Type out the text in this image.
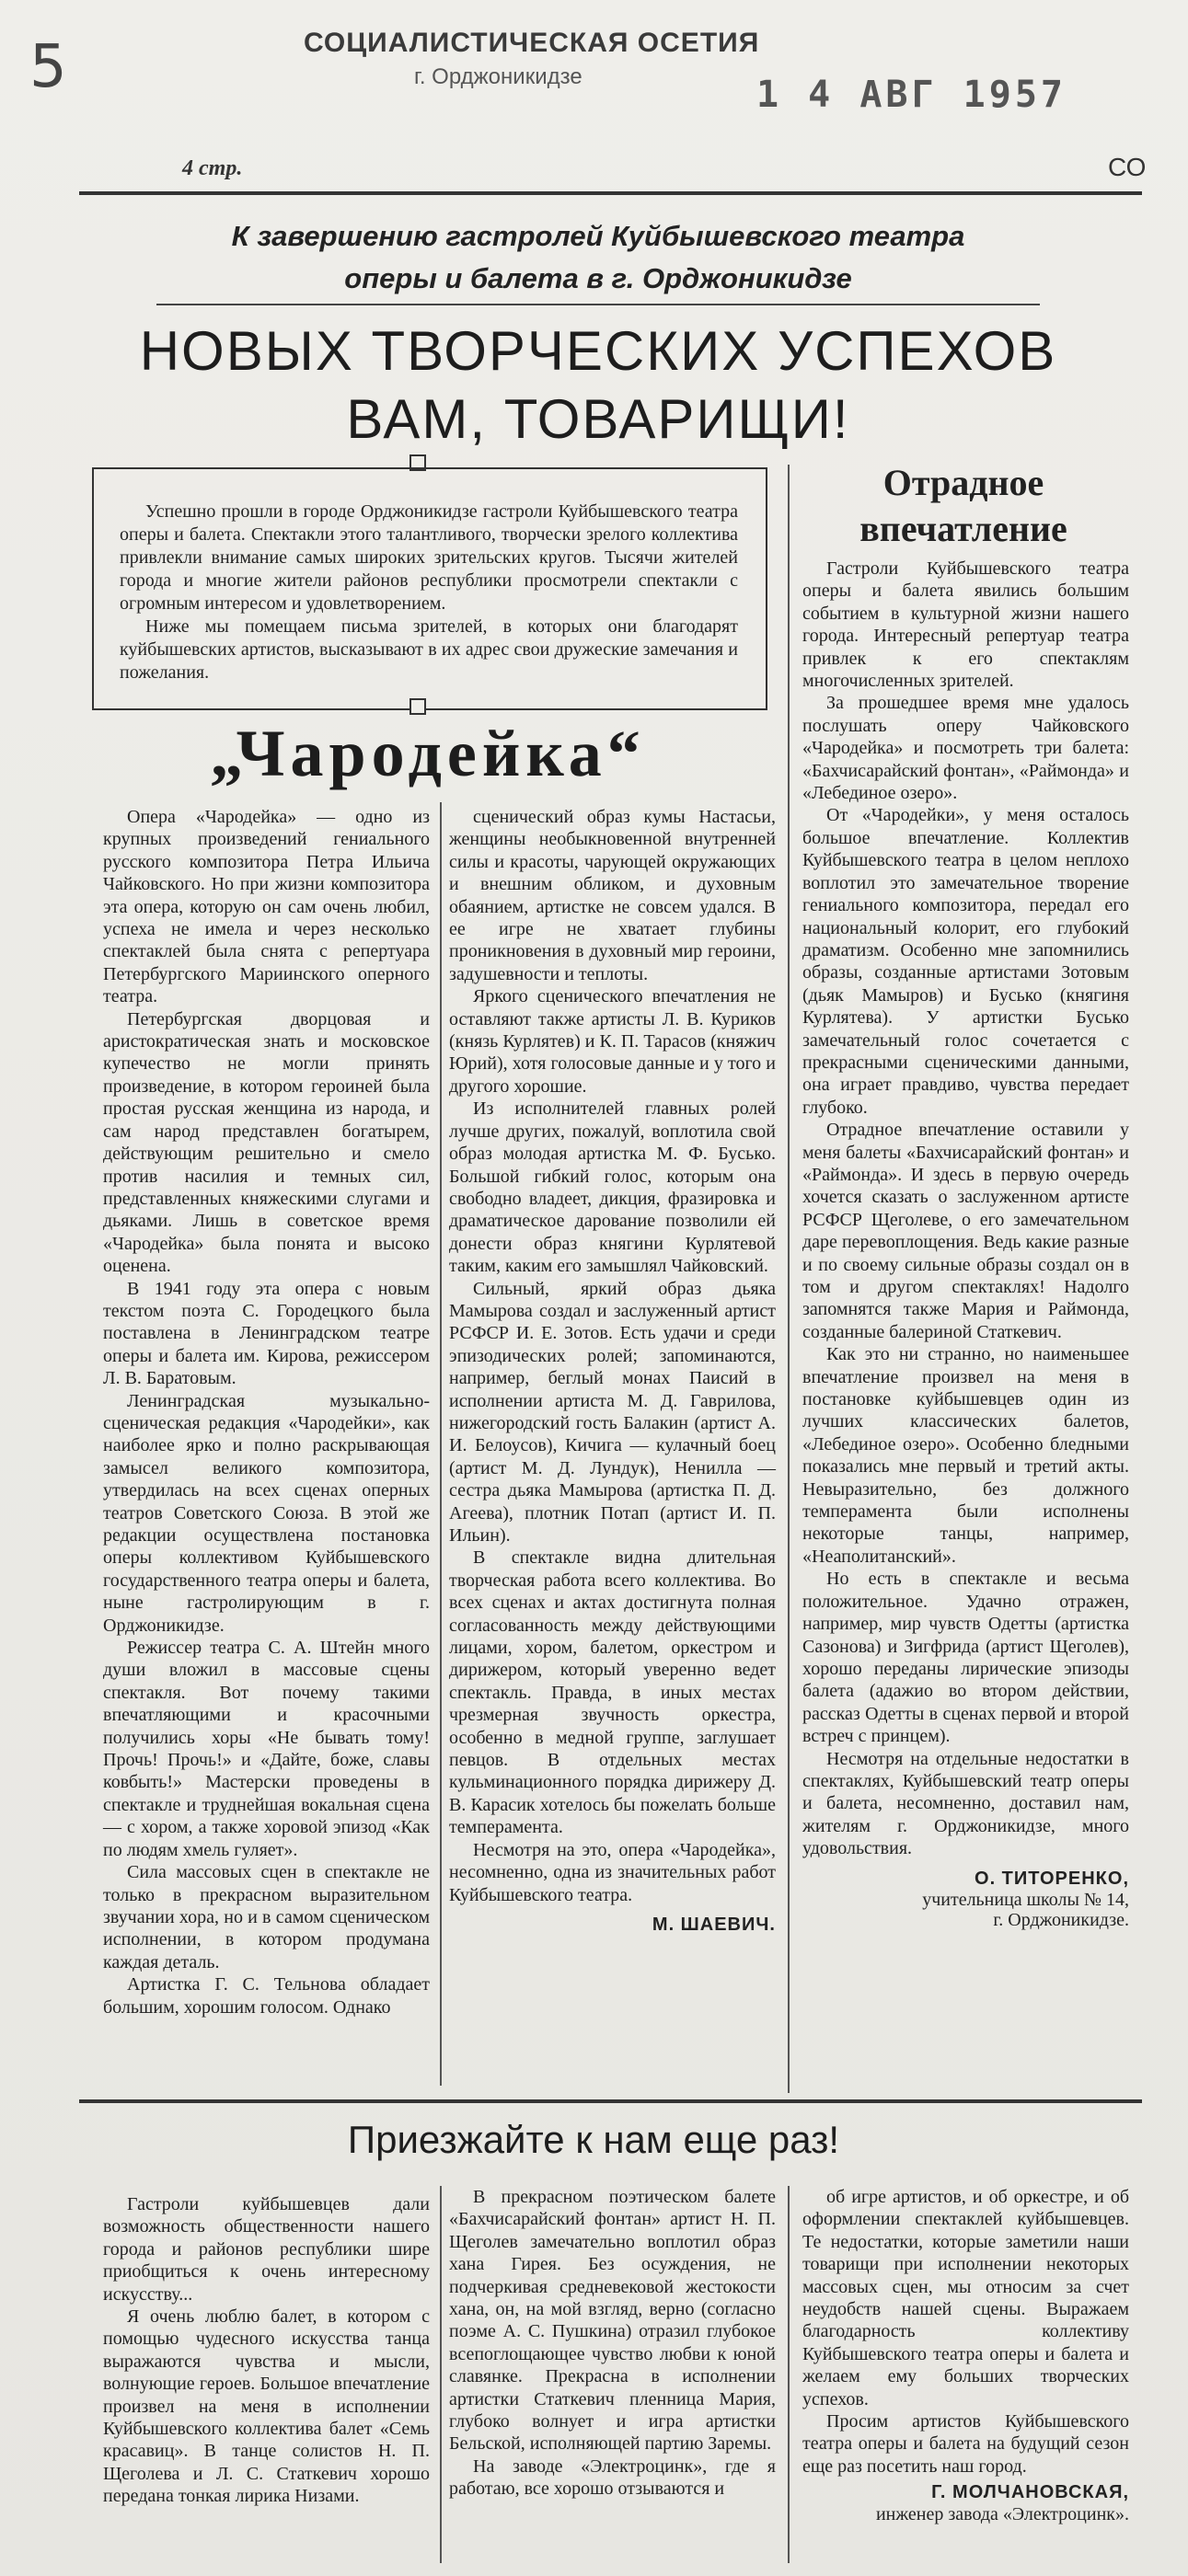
5	СОЦИАЛИСТИЧЕСКАЯ ОСЕТИЯ
г. Орджоникидзе	1 4 АВГ 1957
4 стр.	СО
К завершению гастролей Куйбышевского театра
оперы и балета в г. Орджоникидзе
НОВЫХ ТВОРЧЕСКИХ УСПЕХОВ
ВАМ, ТОВАРИЩИ!

Успешно прошли в городе Орджоникидзе гастроли Куйбышевского театра оперы и балета. Спектакли этого талантливого, творчески зрелого коллектива привлекли внимание самых широких зрительских кругов. Тысячи жителей города и многие жители районов республики просмотрели спектакли с огромным интересом и удовлетворением.

Ниже мы помещаем письма зрителей, в которых они благодарят куйбышевских артистов, высказывают в их адрес свои дружеские замечания и пожелания.

„Чародейка“

Опера «Чародейка» — одно из крупных произведений гениального русского композитора Петра Ильича Чайковского. Но при жизни композитора эта опера, которую он сам очень любил, успеха не имела и через несколько спектаклей была снята с репертуара Петербургского Мариинского оперного театра.

Петербургская дворцовая и аристократическая знать и московское купечество не могли принять произведение, в котором героиней была простая русская женщина из народа, и сам народ представлен богатырем, действующим решительно и смело против насилия и темных сил, представленных княжескими слугами и дьяками. Лишь в советское время «Чародейка» была понята и высоко оценена.

В 1941 году эта опера с новым текстом поэта С. Городецкого была поставлена в Ленинградском театре оперы и балета им. Кирова, режиссером Л. В. Баратовым.

Ленинградская музыкально-сценическая редакция «Чародейки», как наиболее ярко и полно раскрывающая замысел великого композитора, утвердилась на всех сценах оперных театров Советского Союза. В этой же редакции осуществлена постановка оперы коллективом Куйбышевского государственного театра оперы и балета, ныне гастролирующим в г. Орджоникидзе.

Режиссер театра С. А. Штейн много души вложил в массовые сцены спектакля. Вот почему такими впечатляющими и красочными получились хоры «Не бывать тому! Прочь! Прочь!» и «Дайте, боже, славы ковбыть!» Мастерски проведены в спектакле и труднейшая вокальная сцена — с хором, а также хоровой эпизод «Как по людям хмель гуляет».

Сила массовых сцен в спектакле не только в прекрасном выразительном звучании хора, но и в самом сценическом исполнении, в котором продумана каждая деталь.

Артистка Г. С. Тельнова обладает большим, хорошим голосом. Однако

сценический образ кумы Настасьи, женщины необыкновенной внутренней силы и красоты, чарующей окружающих и внешним обликом, и духовным обаянием, артистке не совсем удался. В ее игре не хватает глубины проникновения в духовный мир героини, задушевности и теплоты.

Яркого сценического впечатления не оставляют также артисты Л. В. Куриков (князь Курлятев) и К. П. Тарасов (княжич Юрий), хотя голосовые данные и у того и другого хорошие.

Из исполнителей главных ролей лучше других, пожалуй, воплотила свой образ молодая артистка М. Ф. Бусько. Большой гибкий голос, которым она свободно владеет, дикция, фразировка и драматическое дарование позволили ей донести образ княгини Курлятевой таким, каким его замышлял Чайковский.

Сильный, яркий образ дьяка Мамырова создал и заслуженный артист РСФСР И. Е. Зотов. Есть удачи и среди эпизодических ролей; запоминаются, например, беглый монах Паисий в исполнении артиста М. Д. Гаврилова, нижегородский гость Балакин (артист А. И. Белоусов), Кичига — кулачный боец (артист М. Д. Лундук), Ненилла — сестра дьяка Мамырова (артистка П. Д. Агеева), плотник Потап (артист И. П. Ильин).

В спектакле видна длительная творческая работа всего коллектива. Во всех сценах и актах достигнута полная согласованность между действующими лицами, хором, балетом, оркестром и дирижером, который уверенно ведет спектакль. Правда, в иных местах чрезмерная звучность оркестра, особенно в медной группе, заглушает певцов. В отдельных местах кульминационного порядка дирижеру Д. В. Карасик хотелось бы пожелать больше темперамента.

Несмотря на это, опера «Чародейка», несомненно, одна из значительных работ Куйбышевского театра.

М. ШАЕВИЧ.
Отрадное впечатление

Гастроли Куйбышевского театра оперы и балета явились большим событием в культурной жизни нашего города. Интересный репертуар театра привлек к его спектаклям многочисленных зрителей.

За прошедшее время мне удалось послушать оперу Чайковского «Чародейка» и посмотреть три балета: «Бахчисарайский фонтан», «Раймонда» и «Лебединое озеро».

От «Чародейки», у меня осталось большое впечатление. Коллектив Куйбышевского театра в целом неплохо воплотил это замечательное творение гениального композитора, передал его национальный колорит, его глубокий драматизм. Особенно мне запомнились образы, созданные артистами Зотовым (дьяк Мамыров) и Бусько (княгиня Курлятева). У артистки Бусько замечательный голос сочетается с прекрасными сценическими данными, она играет правдиво, чувства передает глубоко.

Отрадное впечатление оставили у меня балеты «Бахчисарайский фонтан» и «Раймонда». И здесь в первую очередь хочется сказать о заслуженном артисте РСФСР Щеголеве, о его замечательном даре перевоплощения. Ведь какие разные и по своему сильные образы создал он в том и другом спектаклях! Надолго запомнятся также Мария и Раймонда, созданные балериной Статкевич.

Как это ни странно, но наименьшее впечатление произвел на меня в постановке куйбышевцев один из лучших классических балетов, «Лебединое озеро». Особенно бледными показались мне первый и третий акты. Невыразительно, без должного темперамента были исполнены некоторые танцы, например, «Неаполитанский».

Но есть в спектакле и весьма положительное. Удачно отражен, например, мир чувств Одетты (артистка Сазонова) и Зигфрида (артист Щеголев), хорошо переданы лирические эпизоды балета (адажио во втором действии, рассказ Одетты в сценах первой и второй встреч с принцем).

Несмотря на отдельные недостатки в спектаклях, Куйбышевский театр оперы и балета, несомненно, доставил нам, жителям г. Орджоникидзе, много удовольствия.

О. ТИТОРЕНКО,
учительница школы № 14,
г. Орджоникидзе.
Приезжайте к нам еще раз!

Гастроли куйбышевцев дали возможность общественности нашего города и районов республики шире приобщиться к очень интересному искусству...

Я очень люблю балет, в котором с помощью чудесного искусства танца выражаются чувства и мысли, волнующие героев. Большое впечатление произвел на меня в исполнении Куйбышевского коллектива балет «Семь красавиц». В танце солистов Н. П. Щеголева и Л. С. Статкевич хорошо передана тонкая лирика Низами.

В прекрасном поэтическом балете «Бахчисарайский фонтан» артист Н. П. Щеголев замечательно воплотил образ хана Гирея. Без осуждения, не подчеркивая средневековой жестокости хана, он, на мой взгляд, верно (согласно поэме А. С. Пушкина) отразил глубокое всепоглощающее чувство любви к юной славянке. Прекрасна в исполнении артистки Статкевич пленница Мария, глубоко волнует и игра артистки Бельской, исполняющей партию Заремы.

На заводе «Электроцинк», где я работаю, все хорошо отзываются и

об игре артистов, и об оркестре, и об оформлении спектаклей куйбышевцев. Те недостатки, которые заметили наши товарищи при исполнении некоторых массовых сцен, мы относим за счет неудобств нашей сцены. Выражаем благодарность коллективу Куйбышевского театра оперы и балета и желаем ему больших творческих успехов.

Просим артистов Куйбышевского театра оперы и балета на будущий сезон еще раз посетить наш город.

Г. МОЛЧАНОВСКАЯ,
инженер завода «Электроцинк».
